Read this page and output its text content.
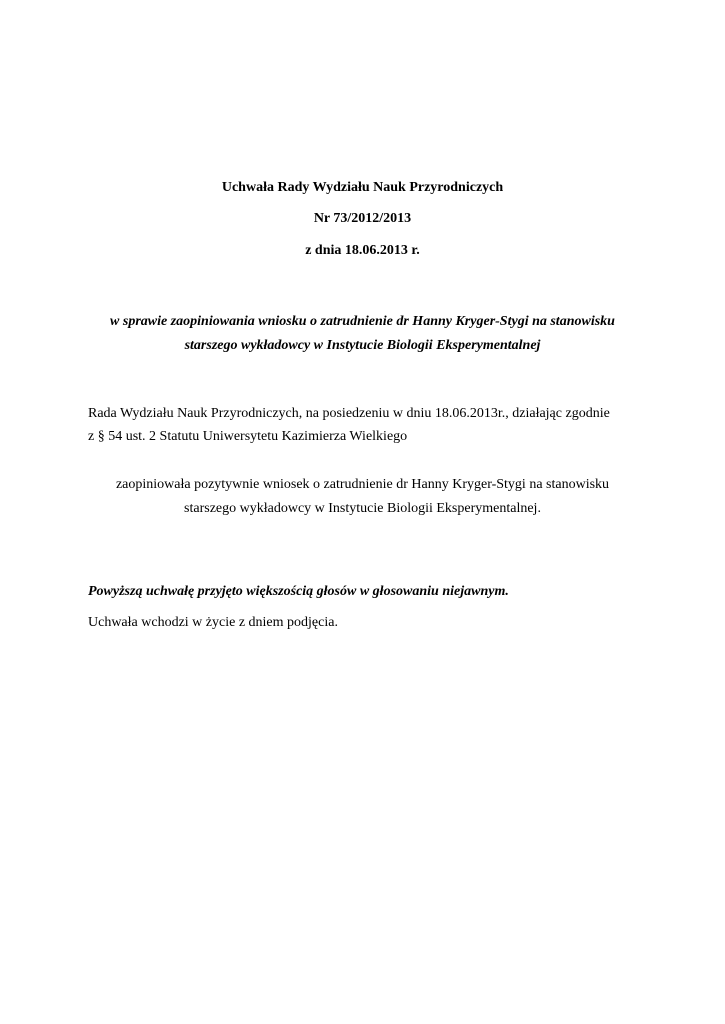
Uchwała Rady Wydziału Nauk Przyrodniczych
Nr 73/2012/2013
z dnia 18.06.2013 r.
w sprawie zaopiniowania wniosku o zatrudnienie dr Hanny Kryger-Stygi na stanowisku
starszego wykładowcy w Instytucie Biologii Eksperymentalnej
Rada Wydziału Nauk Przyrodniczych, na posiedzeniu w dniu 18.06.2013r., działając zgodnie
z § 54 ust. 2 Statutu Uniwersytetu Kazimierza Wielkiego
zaopiniowała pozytywnie wniosek o zatrudnienie dr Hanny Kryger-Stygi na stanowisku
starszego wykładowcy w Instytucie Biologii Eksperymentalnej.
Powyższą uchwałę przyjęto większością głosów w głosowaniu niejawnym.
Uchwała wchodzi w życie z dniem podjęcia.
